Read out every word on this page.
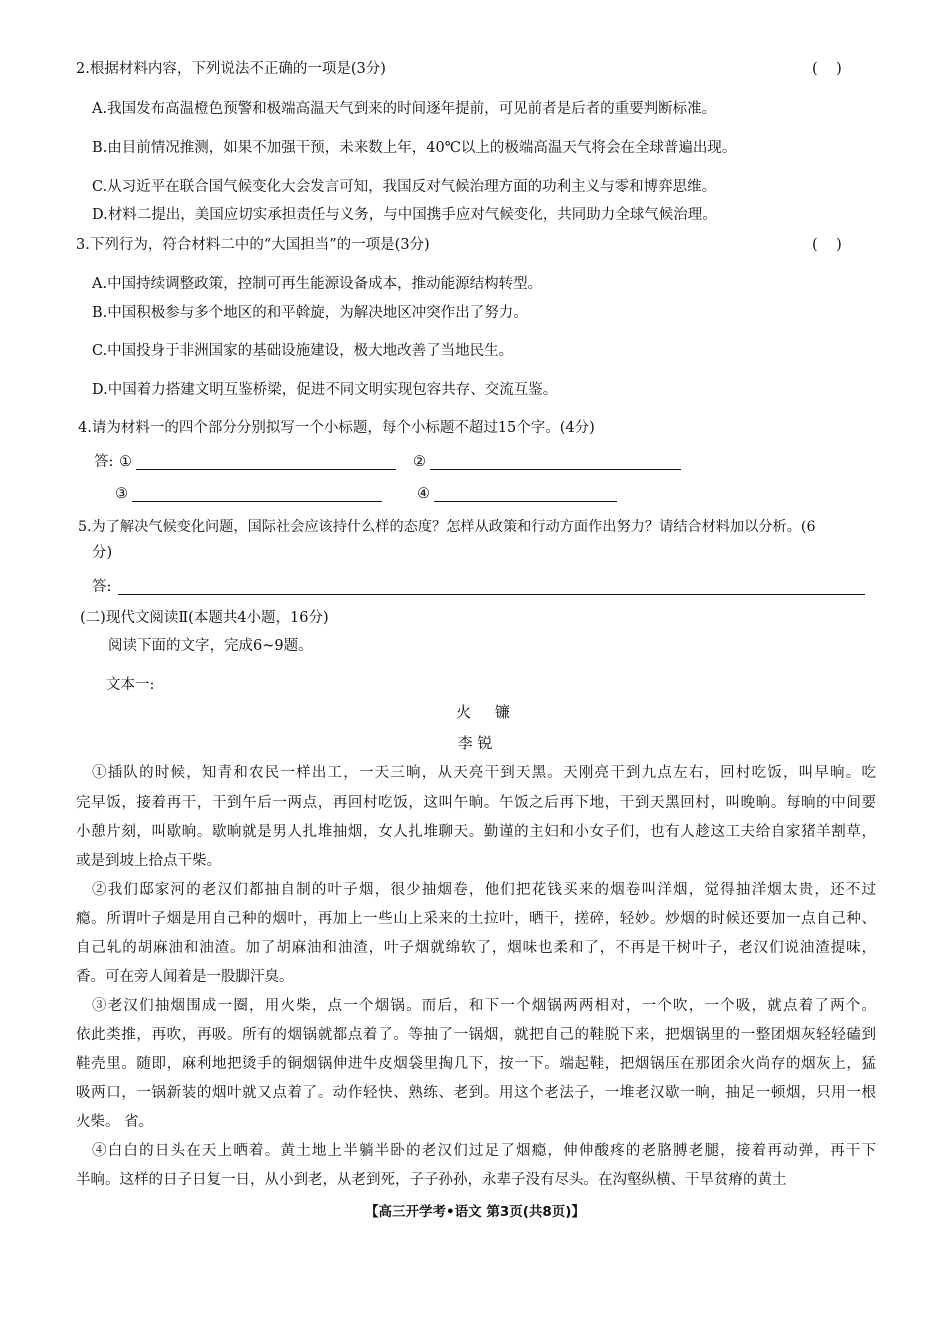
2.根据材料内容，下列说法不正确的一项是(3分)	(    )
A.我国发布高温橙色预警和极端高温天气到来的时间逐年提前，可见前者是后者的重要判断标准。
B.由目前情况推测，如果不加强干预，未来数上年，40℃以上的极端高温天气将会在全球普遍出现。
C.从习近平在联合国气候变化大会发言可知，我国反对气候治理方面的功利主义与零和博弈思维。
D.材料二提出，美国应切实承担责任与义务，与中国携手应对气候变化，共同助力全球气候治理。
3.下列行为，符合材料二中的“大国担当”的一项是(3分)	(    )
A.中国持续调整政策，控制可再生能源设备成本，推动能源结构转型。
B.中国积极参与多个地区的和平斡旋，为解决地区冲突作出了努力。
C.中国投身于非洲国家的基础设施建设，极大地改善了当地民生。
D.中国着力搭建文明互鉴桥梁，促进不同文明实现包容共存、交流互鉴。
4.请为材料一的四个部分分别拟写一个小标题，每个小标题不超过15个字。(4分)
答: ①	②
③	④
5.为了解决气候变化问题，国际社会应该持什么样的态度？怎样从政策和行动方面作出努力？请结合材料加以分析。(6
分)
答:
(二)现代文阅读Ⅱ(本题共4小题，16分)
阅读下面的文字，完成6~9题。
文本一:
火镰
李 锐
①插队的时候，知青和农民一样出工，一天三晌，从天亮干到天黑。天刚亮干到九点左右，回村吃饭，叫早晌。吃
完早饭，接着再干，干到午后一两点，再回村吃饭，这叫午晌。午饭之后再下地，干到天黑回村，叫晚晌。每晌的中间要
小憩片刻，叫歇晌。歇晌就是男人扎堆抽烟，女人扎堆聊天。勤谨的主妇和小女子们，也有人趁这工夫给自家猪羊割草，
或是到坡上拾点干柴。
②我们邸家河的老汉们都抽自制的叶子烟，很少抽烟卷，他们把花钱买来的烟卷叫洋烟，觉得抽洋烟太贵，还不过
瘾。所谓叶子烟是用自己种的烟叶，再加上一些山上采来的土拉叶，晒干，搓碎，轻妙。炒烟的时候还要加一点自己种、
自己轧的胡麻油和油渣。加了胡麻油和油渣，叶子烟就绵软了，烟味也柔和了，不再是干树叶子，老汉们说油渣提味，
香。可在旁人闻着是一股脚汗臭。
③老汉们抽烟围成一圈，用火柴，点一个烟锅。而后，和下一个烟锅两两相对，一个吹，一个吸，就点着了两个。
依此类推，再吹，再吸。所有的烟锅就都点着了。等抽了一锅烟，就把自己的鞋脱下来，把烟锅里的一整团烟灰轻轻磕到
鞋壳里。随即，麻利地把烫手的铜烟锅伸进牛皮烟袋里掏几下，按一下。端起鞋，把烟锅压在那团余火尚存的烟灰上，猛
吸两口，一锅新装的烟叶就又点着了。动作轻快、熟练、老到。用这个老法子，一堆老汉歇一晌，抽足一顿烟，只用一根
火柴。 省。
④白白的日头在天上晒着。黄土地上半躺半卧的老汉们过足了烟瘾，伸伸酸疼的老胳膊老腿，接着再动弹，再干下
半晌。这样的日子日复一日，从小到老，从老到死，子子孙孙，永辈子没有尽头。在沟壑纵横、干旱贫瘠的黄土
【高三开学考•语文 第3页(共8页)】
